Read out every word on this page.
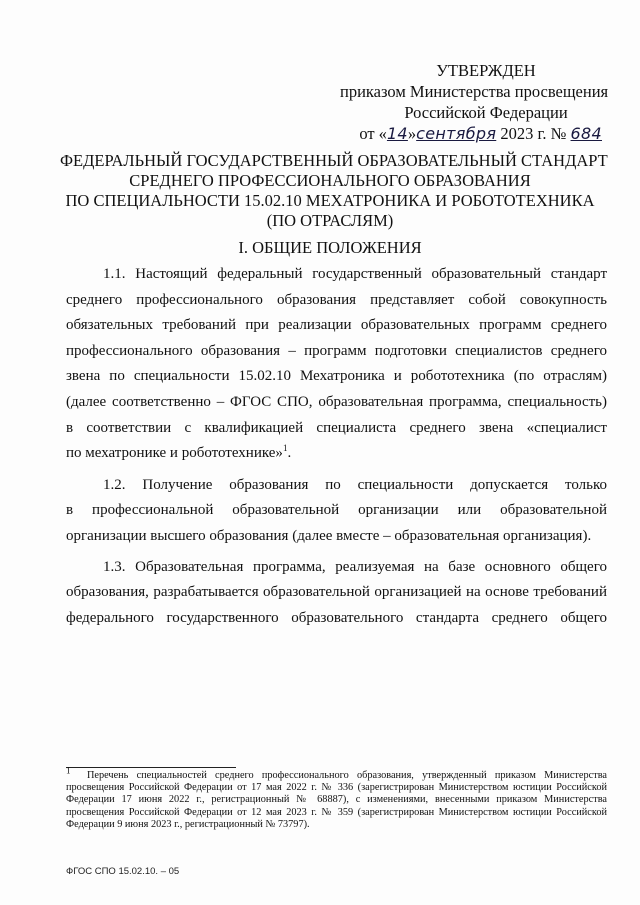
УТВЕРЖДЕН
приказом Министерства просвещения
Российской Федерации
от «14»сентября 2023 г. № 684
ФЕДЕРАЛЬНЫЙ ГОСУДАРСТВЕННЫЙ ОБРАЗОВАТЕЛЬНЫЙ СТАНДАРТ
СРЕДНЕГО ПРОФЕССИОНАЛЬНОГО ОБРАЗОВАНИЯ
ПО СПЕЦИАЛЬНОСТИ 15.02.10 МЕХАТРОНИКА И РОБОТОТЕХНИКА
(ПО ОТРАСЛЯМ)
I. ОБЩИЕ ПОЛОЖЕНИЯ
1.1. Настоящий федеральный государственный образовательный стандарт
среднего профессионального образования представляет собой совокупность
обязательных требований при реализации образовательных программ среднего
профессионального образования – программ подготовки специалистов среднего
звена по специальности 15.02.10 Мехатроника и робототехника (по отраслям)
(далее соответственно – ФГОС СПО, образовательная программа, специальность)
в соответствии с квалификацией специалиста среднего звена «специалист
по мехатронике и робототехнике»$^1$.
1.2. Получение образования по специальности допускается только
в профессиональной образовательной организации или образовательной
организации высшего образования (далее вместе – образовательная организация).
1.3. Образовательная программа, реализуемая на базе основного общего
образования, разрабатывается образовательной организацией на основе требований
федерального государственного образовательного стандарта среднего общего
$^1$ Перечень специальностей среднего профессионального образования, утвержденный приказом Министерства
просвещения Российской Федерации от 17 мая 2022 г. № 336 (зарегистрирован Министерством юстиции Российской
Федерации 17 июня 2022 г., регистрационный № 68887), с изменениями, внесенными приказом Министерства
просвещения Российской Федерации от 12 мая 2023 г. № 359 (зарегистрирован Министерством юстиции Российской
Федерации 9 июня 2023 г., регистрационный № 73797).
ФГОС СПО 15.02.10. – 05
